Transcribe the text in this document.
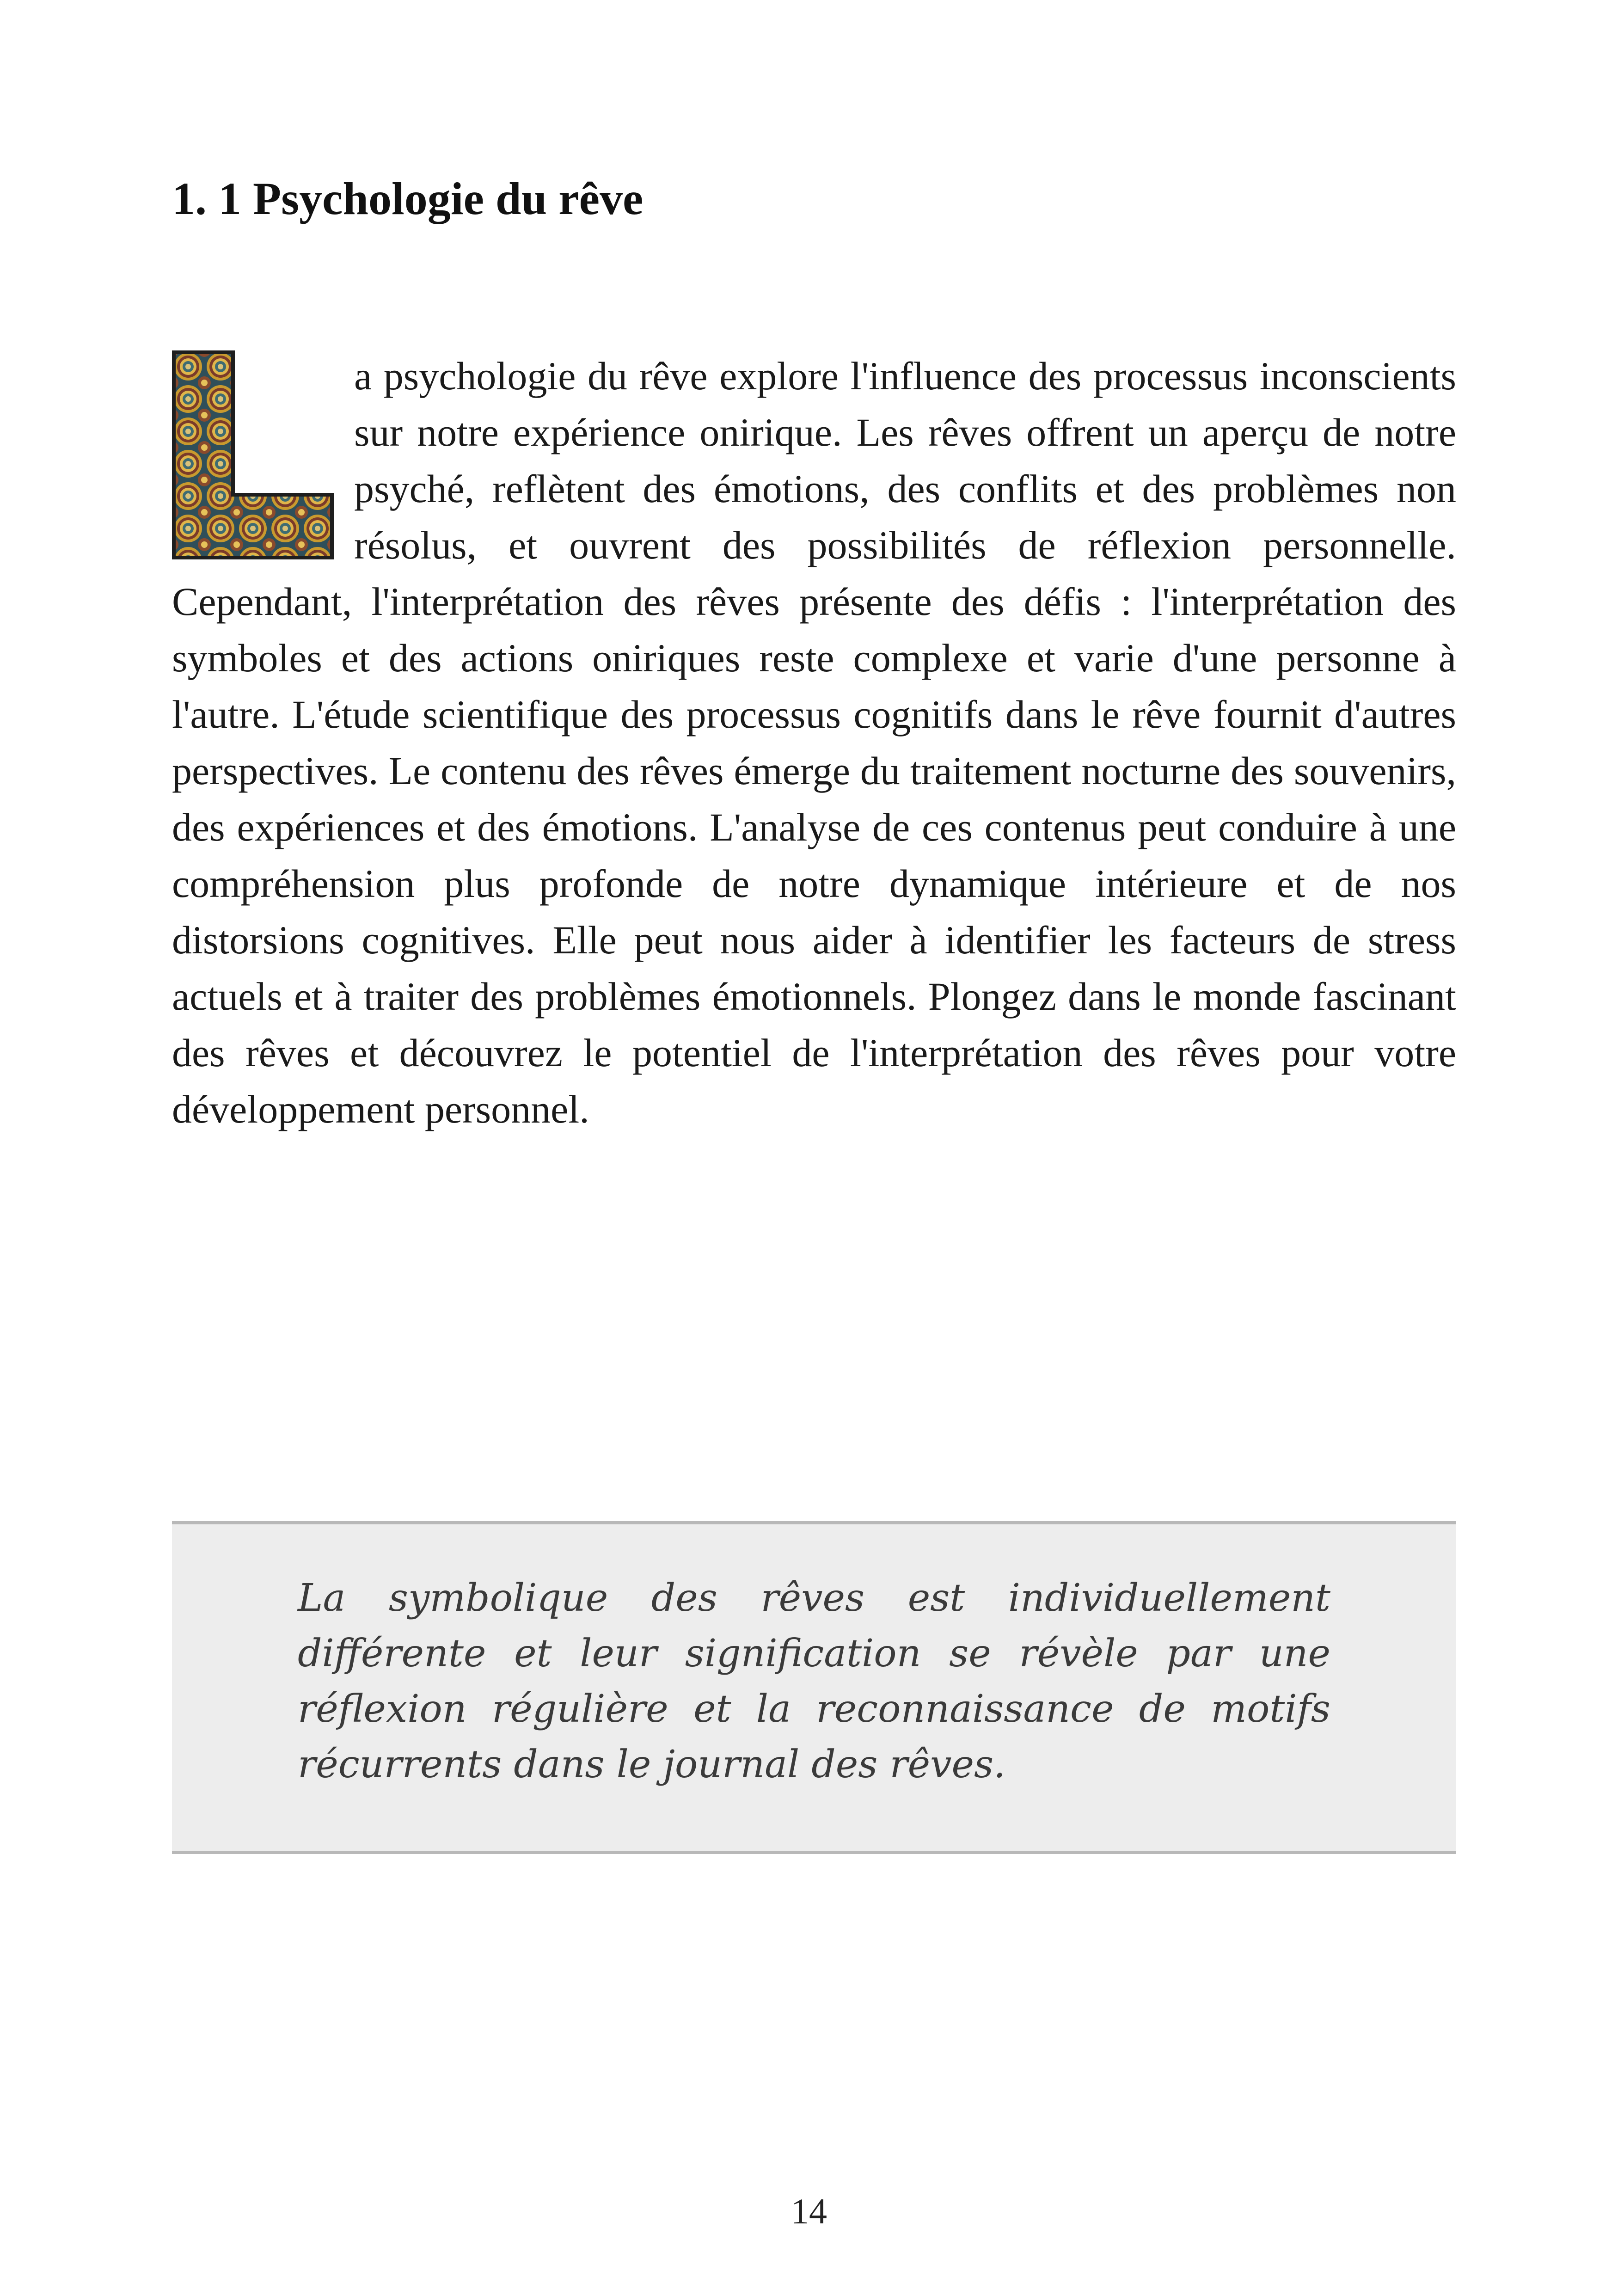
1. 1 Psychologie du rêve

a psychologie du rêve explore l'influence des processus inconscients sur notre expérience onirique. Les rêves offrent un aperçu de notre psyché, reflètent des émotions, des conflits et des problèmes non résolus, et ouvrent des possibilités de réflexion personnelle. Cependant, l'interprétation des rêves présente des défis : l'interprétation des symboles et des actions oniriques reste complexe et varie d'une personne à l'autre. L'étude scientifique des processus cognitifs dans le rêve fournit d'autres perspectives. Le contenu des rêves émerge du traitement nocturne des souvenirs, des expériences et des émotions. L'analyse de ces contenus peut conduire à une compréhension plus profonde de notre dynamique intérieure et de nos distorsions cognitives. Elle peut nous aider à identifier les facteurs de stress actuels et à traiter des problèmes émotionnels. Plongez dans le monde fascinant des rêves et découvrez le potentiel de l'interprétation des rêves pour votre développement personnel.

La symbolique des rêves est individuellement différente et leur signification se révèle par une réflexion régulière et la reconnaissance de motifs récurrents dans le journal des rêves.

14
